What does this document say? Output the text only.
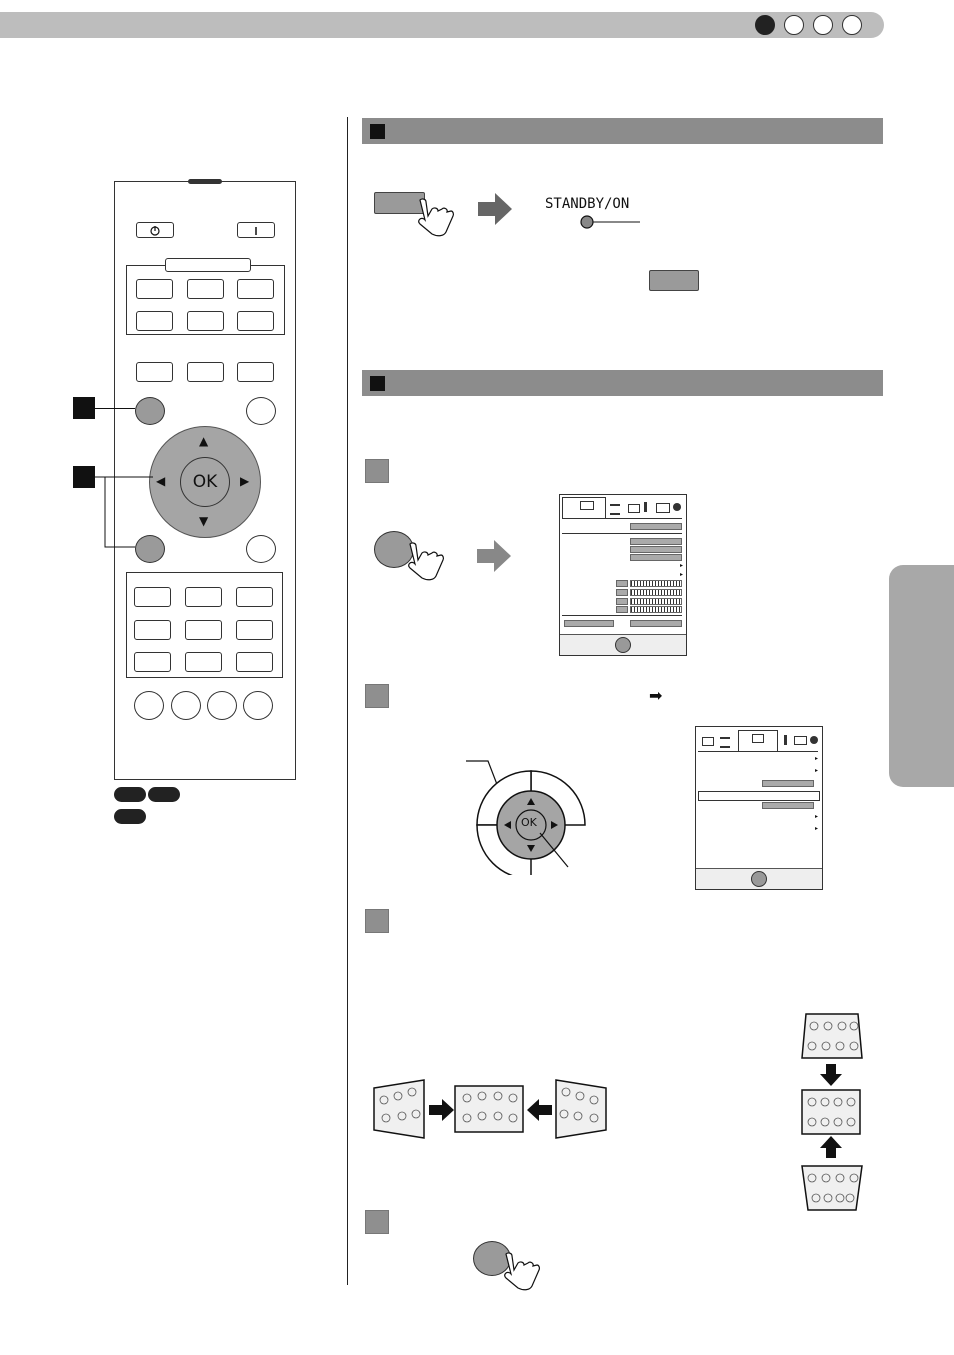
OK
▲
▼
◀	▶
STANDBY/ON
▸
▸
➡
OK
▸
▸
▸
▸
